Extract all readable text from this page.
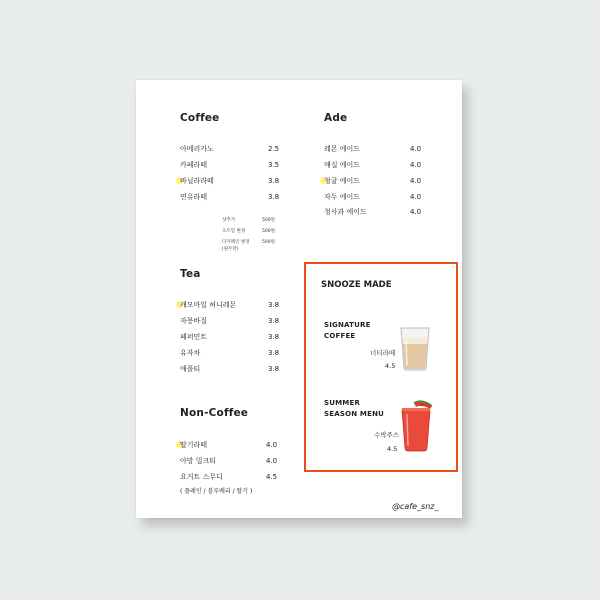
Coffee
아메리카노	2.5
카페라떼	3.5
바닐라라떼	3.8
연유라떼	3.8
샷추가	500원
오트밀 변경	500원
디카페인 변경	500원
(원두만)
Ade
레몬 에이드	4.0
매실 에이드	4.0
청귤 에이드	4.0
자두 에이드	4.0
청사과 에이드	4.0
Tea
캐모마일 허니레몬	3.8
자몽바질	3.8
페퍼민트	3.8
유자차	3.8
애플티	3.8
Non-Coffee
딸기라떼	4.0
아망 밀크티	4.0
요거트 스무디	4.5
( 플레인 / 블루베리 / 딸기 )
SNOOZE MADE
SIGNATURE
COFFEE
너티라떼
4.5
SUMMER
SEASON MENU
수박주스
4.5
@cafe_snz_
